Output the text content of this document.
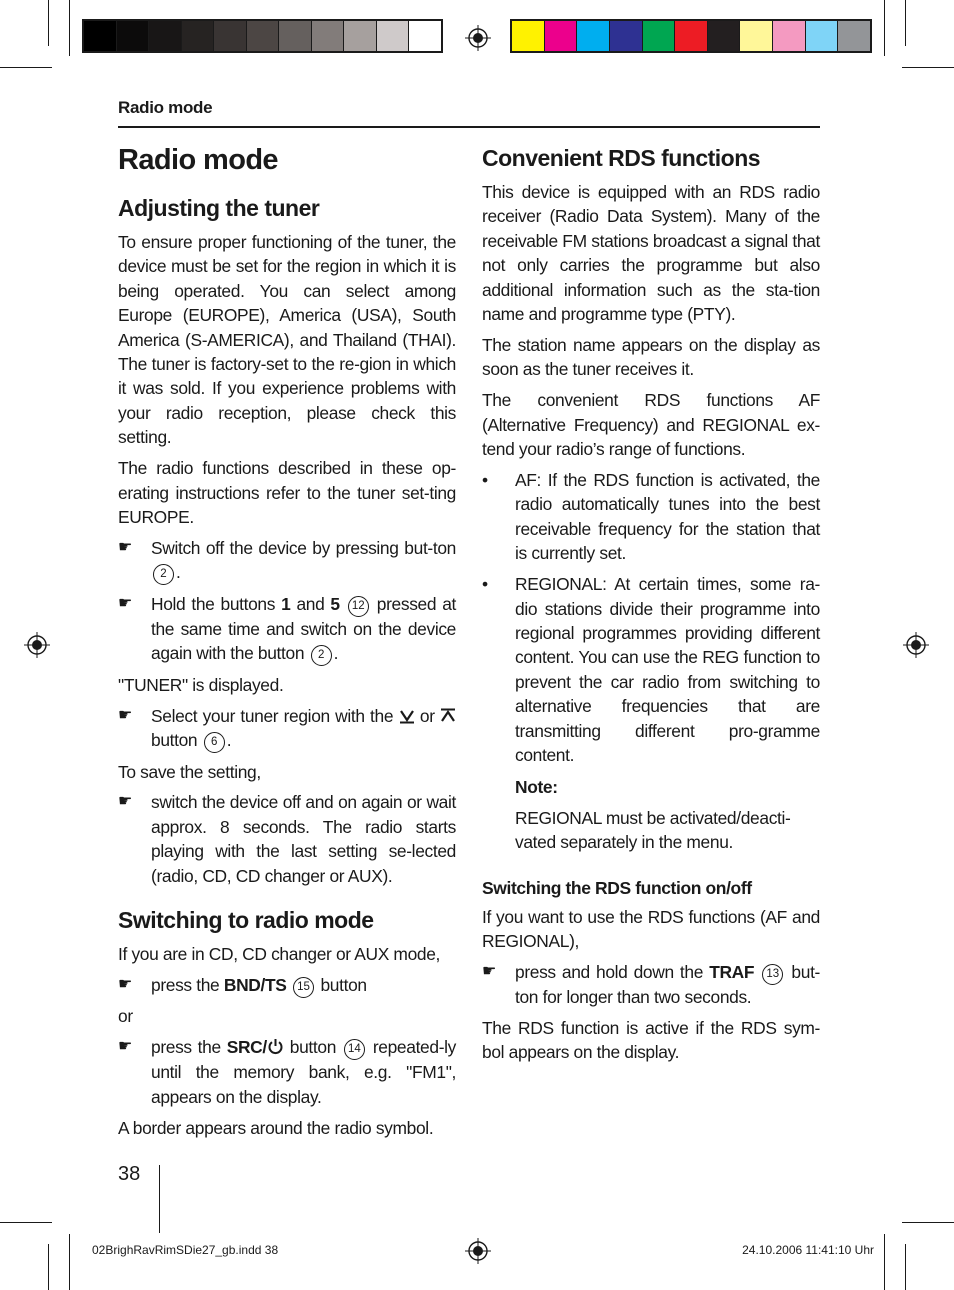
Radio mode
Radio mode
Adjusting the tuner

To ensure proper functioning of the tuner, the device must be set for the region in which it is being operated. You can select among Europe (EUROPE), America (USA), South America (S-AMERICA), and Thailand (THAI). The tuner is factory-set to the re-gion in which it was sold. If you experience problems with your radio reception, please check this setting.

The radio functions described in these op-erating instructions refer to the tuner set-ting EUROPE.

☛ Switch off the device by pressing but-ton 2 .
☛ Hold the buttons 1 and 5 12 pressed at the same time and switch on the device again with the button 2 .

"TUNER" is displayed.

☛ Select your tuner region with the or  button 6 .

To save the setting,

☛ switch the device off and on again or wait approx. 8 seconds. The radio starts playing with the last setting se-lected (radio, CD, CD changer or AUX).
Switching to radio mode

If you are in CD, CD changer or AUX mode,

☛ press the BND/TS 15 button

or

☛ press the SRC/ button 14 repeated-ly until the memory bank, e.g. "FM1", appears on the display.

A border appears around the radio symbol.

Convenient RDS functions

This device is equipped with an RDS radio receiver (Radio Data System). Many of the receivable FM stations broadcast a signal that not only carries the programme but also additional information such as the sta-tion name and programme type (PTY).

The station name appears on the display as soon as the tuner receives it.

The convenient RDS functions AF (Alternative Frequency) and REGIONAL ex-tend your radio’s range of functions.

• AF: If the RDS function is activated, the radio automatically tunes into the best receivable frequency for the station that is currently set.
• REGIONAL: At certain times, some ra-dio stations divide their programme into regional programmes providing different content. You can use the REG function to prevent the car radio from switching to alternative frequencies that are transmitting different pro-gramme content.
Note:
REGIONAL must be activated/deacti-vated separately in the menu.
Switching the RDS function on/off

If you want to use the RDS functions (AF and REGIONAL),

☛ press and hold down the TRAF 13 but-ton for longer than two seconds.

The RDS function is active if the RDS sym-bol appears on the display.

38
02BrighRavRimSDie27_gb.indd 38	24.10.2006 11:41:10 Uhr
